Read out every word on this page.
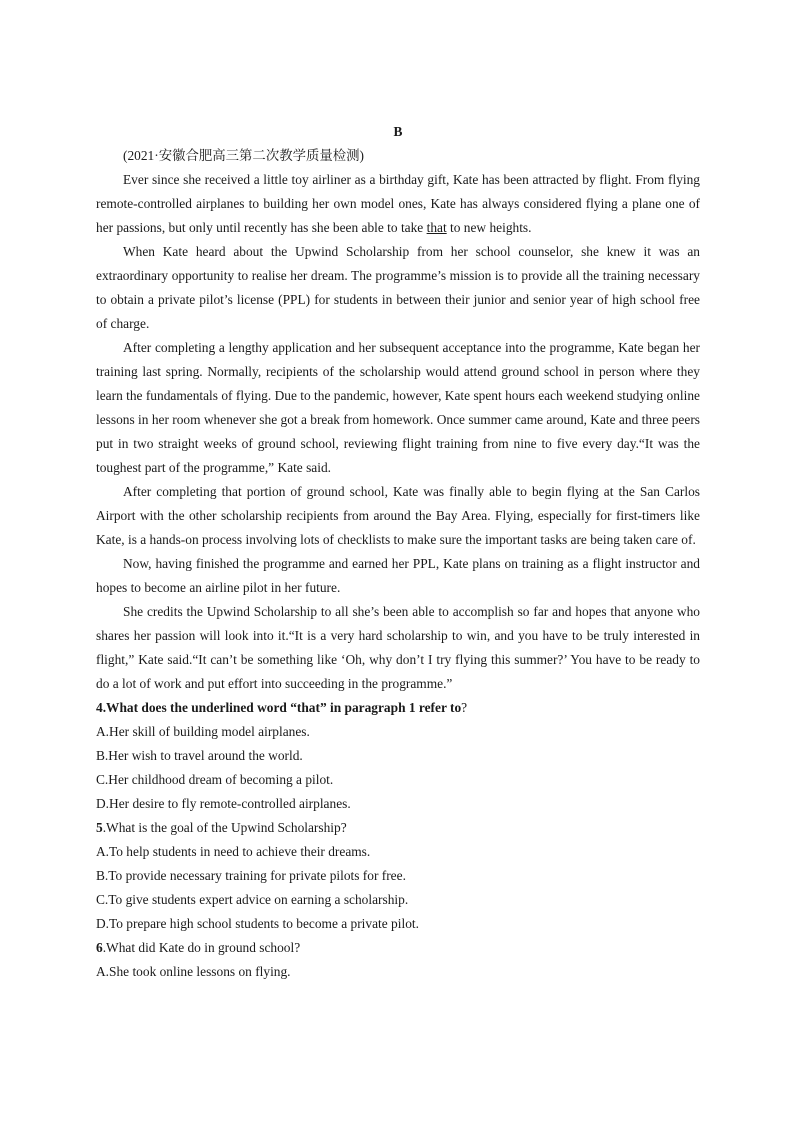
B
(2021·安徽合肥高三第二次教学质量检测)

Ever since she received a little toy airliner as a birthday gift, Kate has been attracted by flight. From flying remote-controlled airplanes to building her own model ones, Kate has always considered flying a plane one of her passions, but only until recently has she been able to take that to new heights.

When Kate heard about the Upwind Scholarship from her school counselor, she knew it was an extraordinary opportunity to realise her dream. The programme’s mission is to provide all the training necessary to obtain a private pilot’s license (PPL) for students in between their junior and senior year of high school free of charge.

After completing a lengthy application and her subsequent acceptance into the programme, Kate began her training last spring. Normally, recipients of the scholarship would attend ground school in person where they learn the fundamentals of flying. Due to the pandemic, however, Kate spent hours each weekend studying online lessons in her room whenever she got a break from homework. Once summer came around, Kate and three peers put in two straight weeks of ground school, reviewing flight training from nine to five every day.“It was the toughest part of the programme,” Kate said.

After completing that portion of ground school, Kate was finally able to begin flying at the San Carlos Airport with the other scholarship recipients from around the Bay Area. Flying, especially for first-timers like Kate, is a hands-on process involving lots of checklists to make sure the important tasks are being taken care of.

Now, having finished the programme and earned her PPL, Kate plans on training as a flight instructor and hopes to become an airline pilot in her future.

She credits the Upwind Scholarship to all she’s been able to accomplish so far and hopes that anyone who shares her passion will look into it.“It is a very hard scholarship to win, and you have to be truly interested in flight,” Kate said.“It can’t be something like ‘Oh, why don’t I try flying this summer?’ You have to be ready to do a lot of work and put effort into succeeding in the programme.”

4.What does the underlined word “that” in paragraph 1 refer to?

A.Her skill of building model airplanes.

B.Her wish to travel around the world.

C.Her childhood dream of becoming a pilot.

D.Her desire to fly remote-controlled airplanes.

5.What is the goal of the Upwind Scholarship?

A.To help students in need to achieve their dreams.

B.To provide necessary training for private pilots for free.

C.To give students expert advice on earning a scholarship.

D.To prepare high school students to become a private pilot.

6.What did Kate do in ground school?

A.She took online lessons on flying.
